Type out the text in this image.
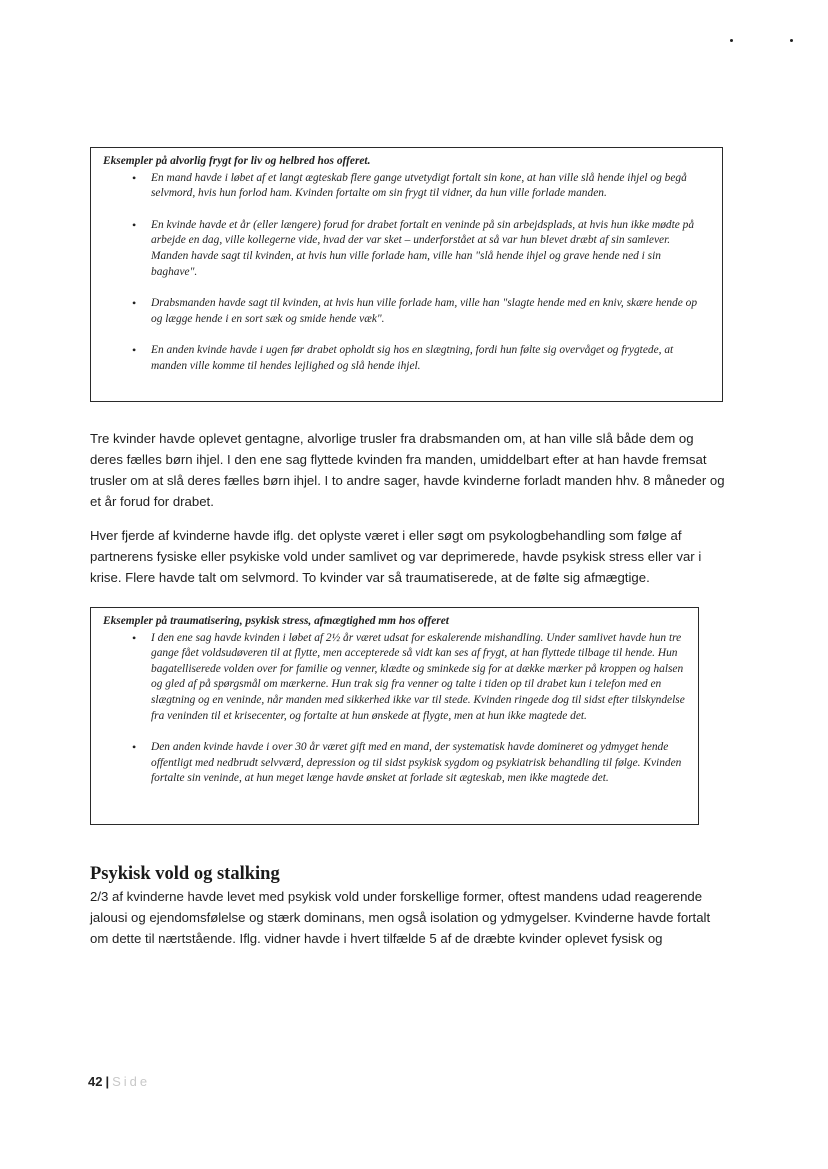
Eksempler på alvorlig frygt for liv og helbred hos offeret.
• En mand havde i løbet af et langt ægteskab flere gange utvetydigt fortalt sin kone, at han ville slå hende ihjel og begå selvmord, hvis hun forlod ham. Kvinden fortalte om sin frygt til vidner, da hun ville forlade manden.
• En kvinde havde et år (eller længere) forud for drabet fortalt en veninde på sin arbejdsplads, at hvis hun ikke mødte på arbejde en dag, ville kollegerne vide, hvad der var sket – underforstået at så var hun blevet dræbt af sin samlever. Manden havde sagt til kvinden, at hvis hun ville forlade ham, ville han "slå hende ihjel og grave hende ned i sin baghave".
• Drabsmanden havde sagt til kvinden, at hvis hun ville forlade ham, ville han "slagte hende med en kniv, skære hende op og lægge hende i en sort sæk og smide hende væk".
• En anden kvinde havde i ugen før drabet opholdt sig hos en slægtning, fordi hun følte sig overvåget og frygtede, at manden ville komme til hendes lejlighed og slå hende ihjel.

Tre kvinder havde oplevet gentagne, alvorlige trusler fra drabsmanden om, at han ville slå både dem og deres fælles børn ihjel. I den ene sag flyttede kvinden fra manden, umiddelbart efter at han havde fremsat trusler om at slå deres fælles børn ihjel. I to andre sager, havde kvinderne forladt manden hhv. 8 måneder og et år forud for drabet.

Hver fjerde af kvinderne havde iflg. det oplyste været i eller søgt om psykologbehandling som følge af partnerens fysiske eller psykiske vold under samlivet og var deprimerede, havde psykisk stress eller var i krise. Flere havde talt om selvmord. To kvinder var så traumatiserede, at de følte sig afmægtige.

Eksempler på traumatisering, psykisk stress, afmægtighed mm hos offeret
• I den ene sag havde kvinden i løbet af 2½ år været udsat for eskalerende mishandling. Under samlivet havde hun tre gange fået voldsudøveren til at flytte, men accepterede så vidt kan ses af frygt, at han flyttede tilbage til hende. Hun bagatelliserede volden over for familie og venner, klædte og sminkede sig for at dække mærker på kroppen og halsen og gled af på spørgsmål om mærkerne. Hun trak sig fra venner og talte i tiden op til drabet kun i telefon med en slægtning og en veninde, når manden med sikkerhed ikke var til stede. Kvinden ringede dog til sidst efter tilskyndelse fra veninden til et krisecenter, og fortalte at hun ønskede at flygte, men at hun ikke magtede det.
• Den anden kvinde havde i over 30 år været gift med en mand, der systematisk havde domineret og ydmyget hende offentligt med nedbrudt selvværd, depression og til sidst psykisk sygdom og psykiatrisk behandling til følge. Kvinden fortalte sin veninde, at hun meget længe havde ønsket at forlade sit ægteskab, men ikke magtede det.
Psykisk vold og stalking

2/3 af kvinderne havde levet med psykisk vold under forskellige former, oftest mandens udad reagerende jalousi og ejendomsfølelse og stærk dominans, men også isolation og ydmygelser. Kvinderne havde fortalt om dette til nærtstående. Iflg. vidner havde i hvert tilfælde 5 af de dræbte kvinder oplevet fysisk og

42 | Side
